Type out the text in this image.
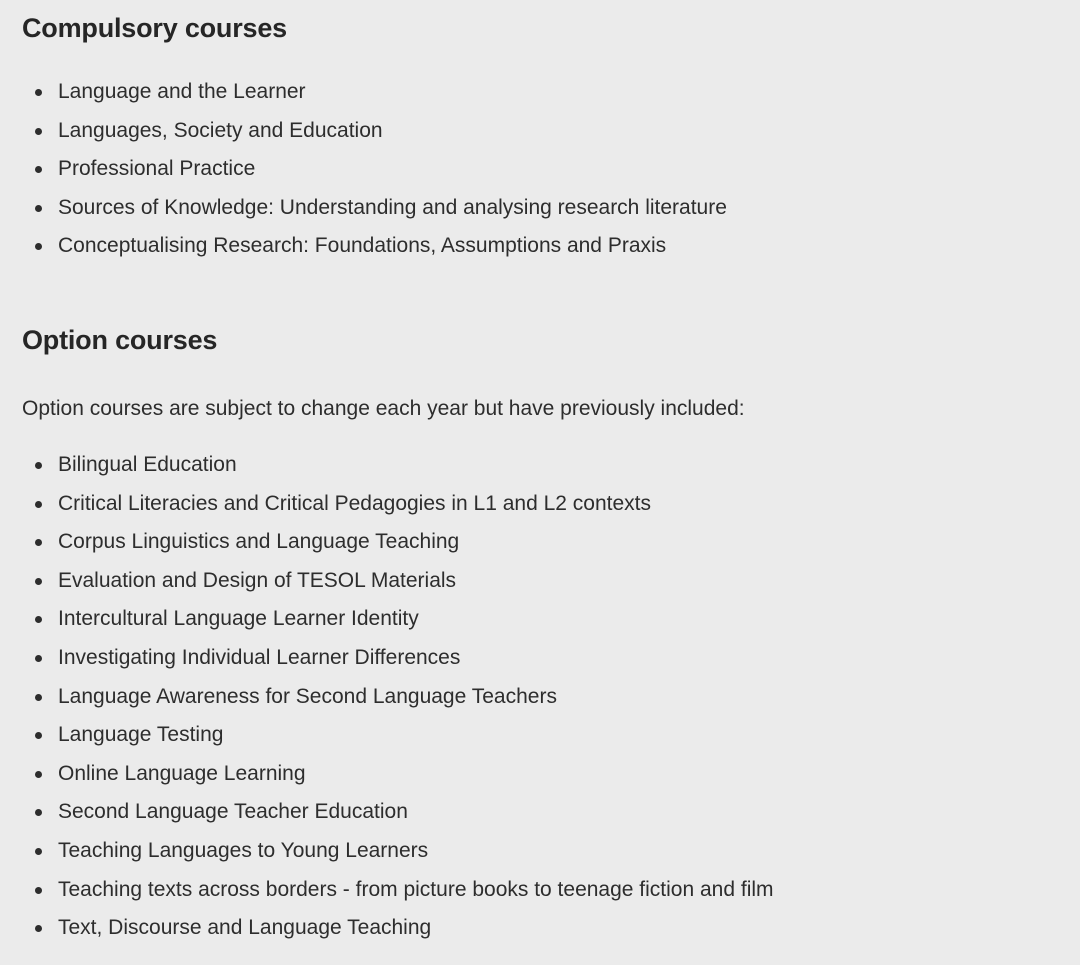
Compulsory courses
Language and the Learner
Languages, Society and Education
Professional Practice
Sources of Knowledge: Understanding and analysing research literature
Conceptualising Research: Foundations, Assumptions and Praxis
Option courses

Option courses are subject to change each year but have previously included:

Bilingual Education
Critical Literacies and Critical Pedagogies in L1 and L2 contexts
Corpus Linguistics and Language Teaching
Evaluation and Design of TESOL Materials
Intercultural Language Learner Identity
Investigating Individual Learner Differences
Language Awareness for Second Language Teachers
Language Testing
Online Language Learning
Second Language Teacher Education
Teaching Languages to Young Learners
Teaching texts across borders - from picture books to teenage fiction and film
Text, Discourse and Language Teaching
